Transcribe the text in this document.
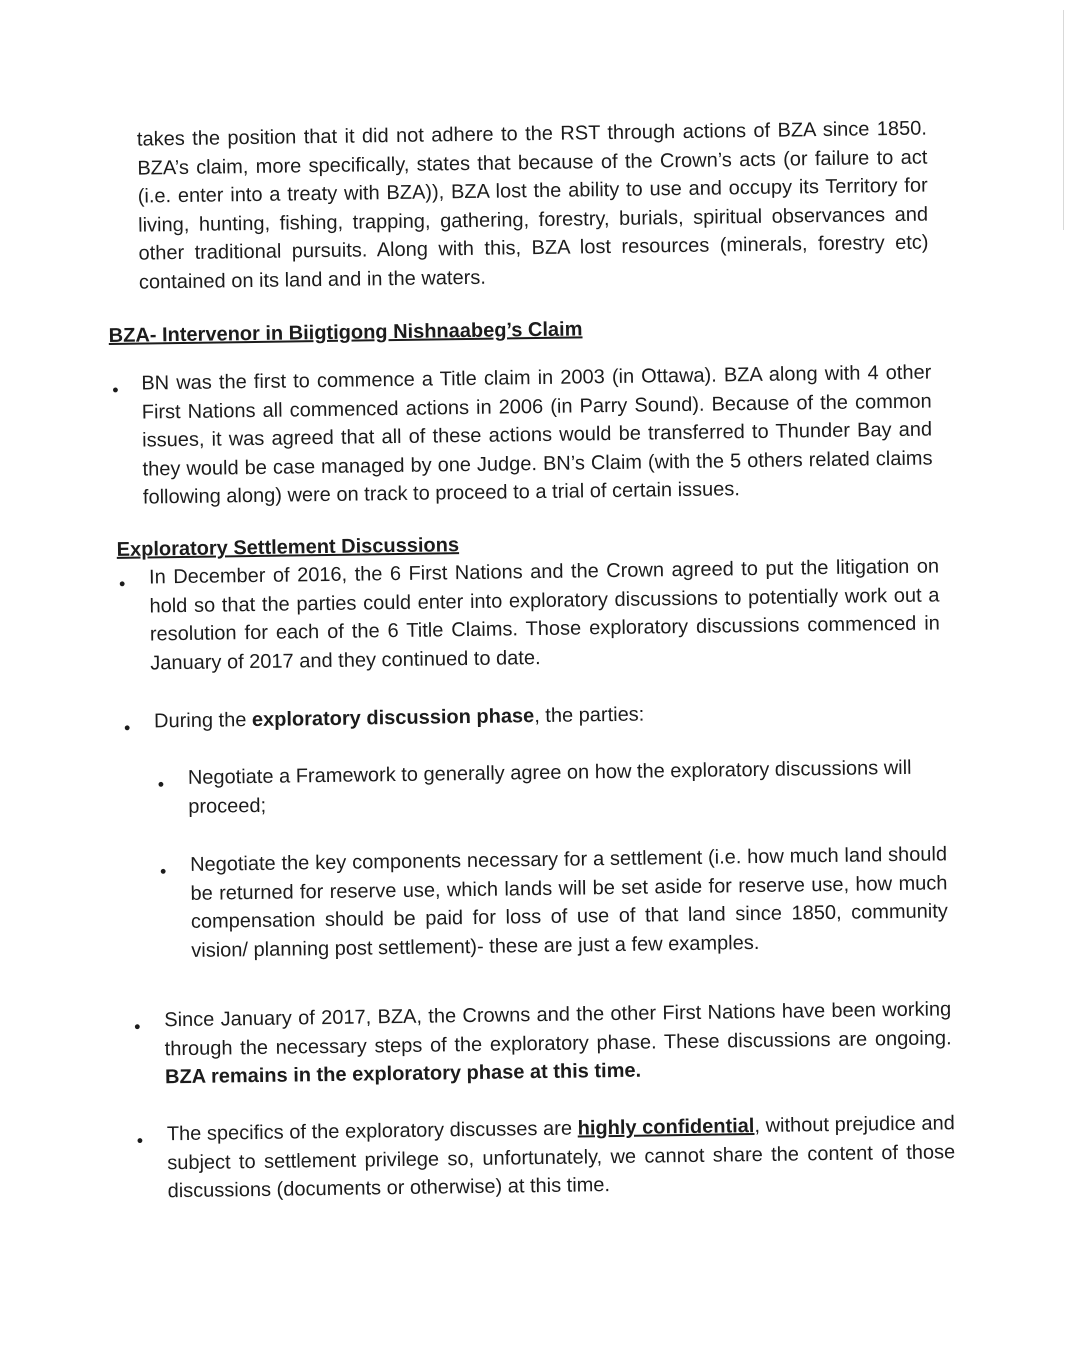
takes the position that it did not adhere to the RST through actions of BZA since 1850. BZA’s claim, more specifically, states that because of the Crown’s acts (or failure to act (i.e. enter into a treaty with BZA)), BZA lost the ability to use and occupy its Territory for living, hunting, fishing, trapping, gathering, forestry, burials, spiritual observances and other traditional pursuits. Along with this, BZA lost resources (minerals, forestry etc) contained on its land and in the waters.

BZA- Intervenor in Biigtigong Nishnaabeg’s Claim
• BN was the first to commence a Title claim in 2003 (in Ottawa). BZA along with 4 other First Nations all commenced actions in 2006 (in Parry Sound). Because of the common issues, it was agreed that all of these actions would be transferred to Thunder Bay and they would be case managed by one Judge. BN’s Claim (with the 5 others related claims following along) were on track to proceed to a trial of certain issues.

Exploratory Settlement Discussions
• In December of 2016, the 6 First Nations and the Crown agreed to put the litigation on hold so that the parties could enter into exploratory discussions to potentially work out a resolution for each of the 6 Title Claims. Those exploratory discussions commenced in January of 2017 and they continued to date.

• During the exploratory discussion phase, the parties:

• Negotiate a Framework to generally agree on how the exploratory discussions will proceed;

• Negotiate the key components necessary for a settlement (i.e. how much land should be returned for reserve use, which lands will be set aside for reserve use, how much compensation should be paid for loss of use of that land since 1850, community vision/ planning post settlement)- these are just a few examples.

• Since January of 2017, BZA, the Crowns and the other First Nations have been working through the necessary steps of the exploratory phase. These discussions are ongoing. BZA remains in the exploratory phase at this time.

• The specifics of the exploratory discusses are highly confidential, without prejudice and subject to settlement privilege so, unfortunately, we cannot share the content of those discussions (documents or otherwise) at this time.
